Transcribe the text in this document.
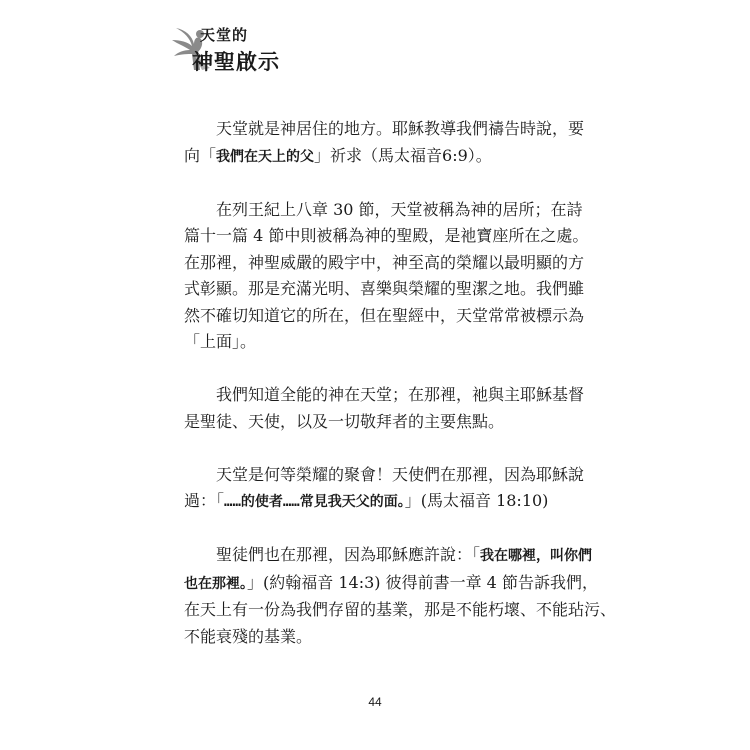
天堂的
神聖啟示
天堂就是神居住的地方。耶穌教導我們禱告時說，要
向「我們在天上的父」祈求（馬太福音6:9）。
在列王紀上八章 30 節，天堂被稱為神的居所；在詩
篇十一篇 4 節中則被稱為神的聖殿，是祂寶座所在之處。
在那裡，神聖威嚴的殿宇中，神至高的榮耀以最明顯的方
式彰顯。那是充滿光明、喜樂與榮耀的聖潔之地。我們雖
然不確切知道它的所在，但在聖經中，天堂常常被標示為
「上面」。
我們知道全能的神在天堂；在那裡，祂與主耶穌基督
是聖徒、天使，以及一切敬拜者的主要焦點。
天堂是何等榮耀的聚會！天使們在那裡，因為耶穌說
過：「……的使者……常見我天父的面。」(馬太福音 18:10)
聖徒們也在那裡，因為耶穌應許說：「我在哪裡，叫你們
也在那裡。」(約翰福音 14:3) 彼得前書一章 4 節告訴我們，
在天上有一份為我們存留的基業，那是不能朽壞、不能玷污、
不能衰殘的基業。
44
